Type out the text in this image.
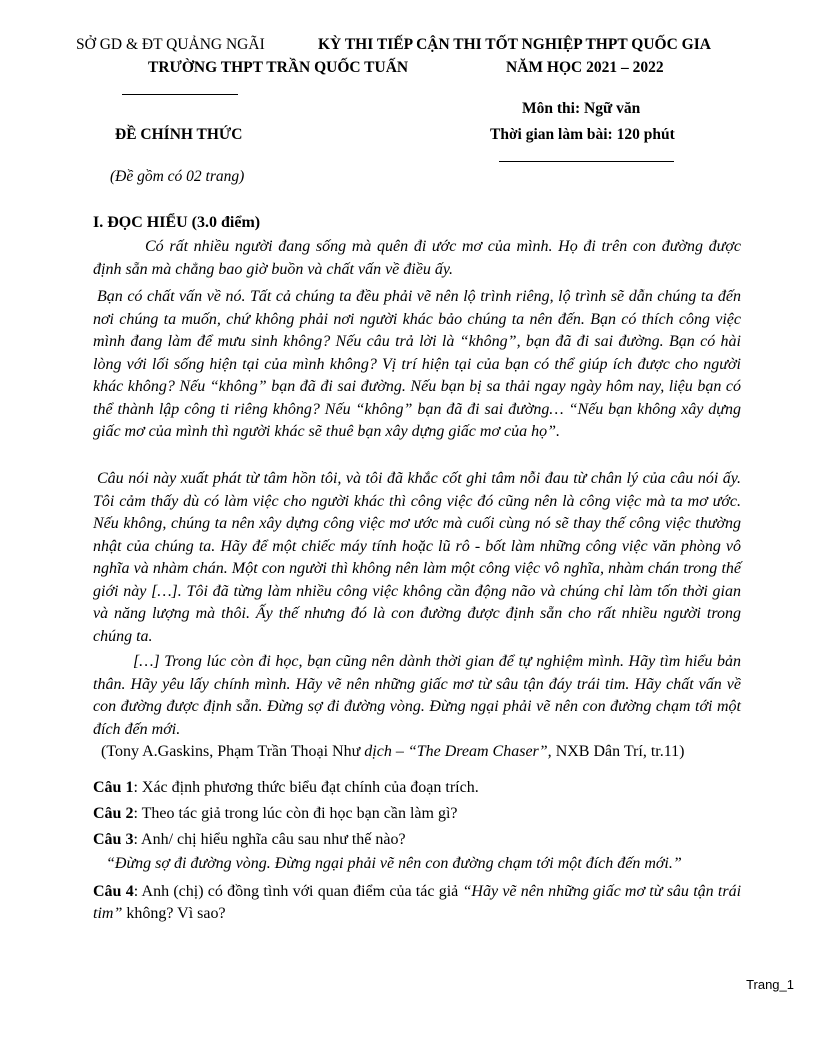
SỞ GD & ĐT QUẢNG NGÃI	KỲ THI TIẾP CẬN THI TỐT NGHIỆP THPT QUỐC GIA
TRƯỜNG THPT TRẦN QUỐC TUẤN	NĂM HỌC 2021 – 2022
Môn thi: Ngữ văn
ĐỀ CHÍNH THỨC	Thời gian làm bài: 120 phút
(Đề gồm có 02 trang)
I. ĐỌC HIỂU (3.0 điểm)

Có rất nhiều người đang sống mà quên đi ước mơ của mình. Họ đi trên con đường được định sẵn mà chẳng bao giờ buồn và chất vấn về điều ấy.

Bạn có chất vấn về nó. Tất cả chúng ta đều phải vẽ nên lộ trình riêng, lộ trình sẽ dẫn chúng ta đến nơi chúng ta muốn, chứ không phải nơi người khác bảo chúng ta nên đến. Bạn có thích công việc mình đang làm để mưu sinh không? Nếu câu trả lời là “không”, bạn đã đi sai đường. Bạn có hài lòng với lối sống hiện tại của mình không? Vị trí hiện tại của bạn có thể giúp ích được cho người khác không? Nếu “không” bạn đã đi sai đường. Nếu bạn bị sa thải ngay ngày hôm nay, liệu bạn có thể thành lập công ti riêng không? Nếu “không” bạn đã đi sai đường… “Nếu bạn không xây dựng giấc mơ của mình thì người khác sẽ thuê bạn xây dựng giấc mơ của họ”.

Câu nói này xuất phát từ tâm hồn tôi, và tôi đã khắc cốt ghi tâm nỗi đau từ chân lý của câu nói ấy. Tôi cảm thấy dù có làm việc cho người khác thì công việc đó cũng nên là công việc mà ta mơ ước. Nếu không, chúng ta nên xây dựng công việc mơ ước mà cuối cùng nó sẽ thay thế công việc thường nhật của chúng ta. Hãy để một chiếc máy tính hoặc lũ rô - bốt làm những công việc văn phòng vô nghĩa và nhàm chán. Một con người thì không nên làm một công việc vô nghĩa, nhàm chán trong thế giới này […]. Tôi đã từng làm nhiều công việc không cần động não và chúng chỉ làm tốn thời gian và năng lượng mà thôi. Ấy thế nhưng đó là con đường được định sẵn cho rất nhiều người trong chúng ta.

[…] Trong lúc còn đi học, bạn cũng nên dành thời gian để tự nghiệm mình. Hãy tìm hiểu bản thân. Hãy yêu lấy chính mình. Hãy vẽ nên những giấc mơ từ sâu tận đáy trái tim. Hãy chất vấn về con đường được định sẵn. Đừng sợ đi đường vòng. Đừng ngại phải vẽ nên con đường chạm tới một đích đến mới.

(Tony A.Gaskins, Phạm Trần Thoại Như dịch – “The Dream Chaser”, NXB Dân Trí, tr.11)

Câu 1: Xác định phương thức biểu đạt chính của đoạn trích.

Câu 2: Theo tác giả trong lúc còn đi học bạn cần làm gì?

Câu 3: Anh/ chị hiểu nghĩa câu sau như thế nào?

“Đừng sợ đi đường vòng. Đừng ngại phải vẽ nên con đường chạm tới một đích đến mới.”

Câu 4: Anh (chị) có đồng tình với quan điểm của tác giả “Hãy vẽ nên những giấc mơ từ sâu tận trái tim” không? Vì sao?

Trang_1
